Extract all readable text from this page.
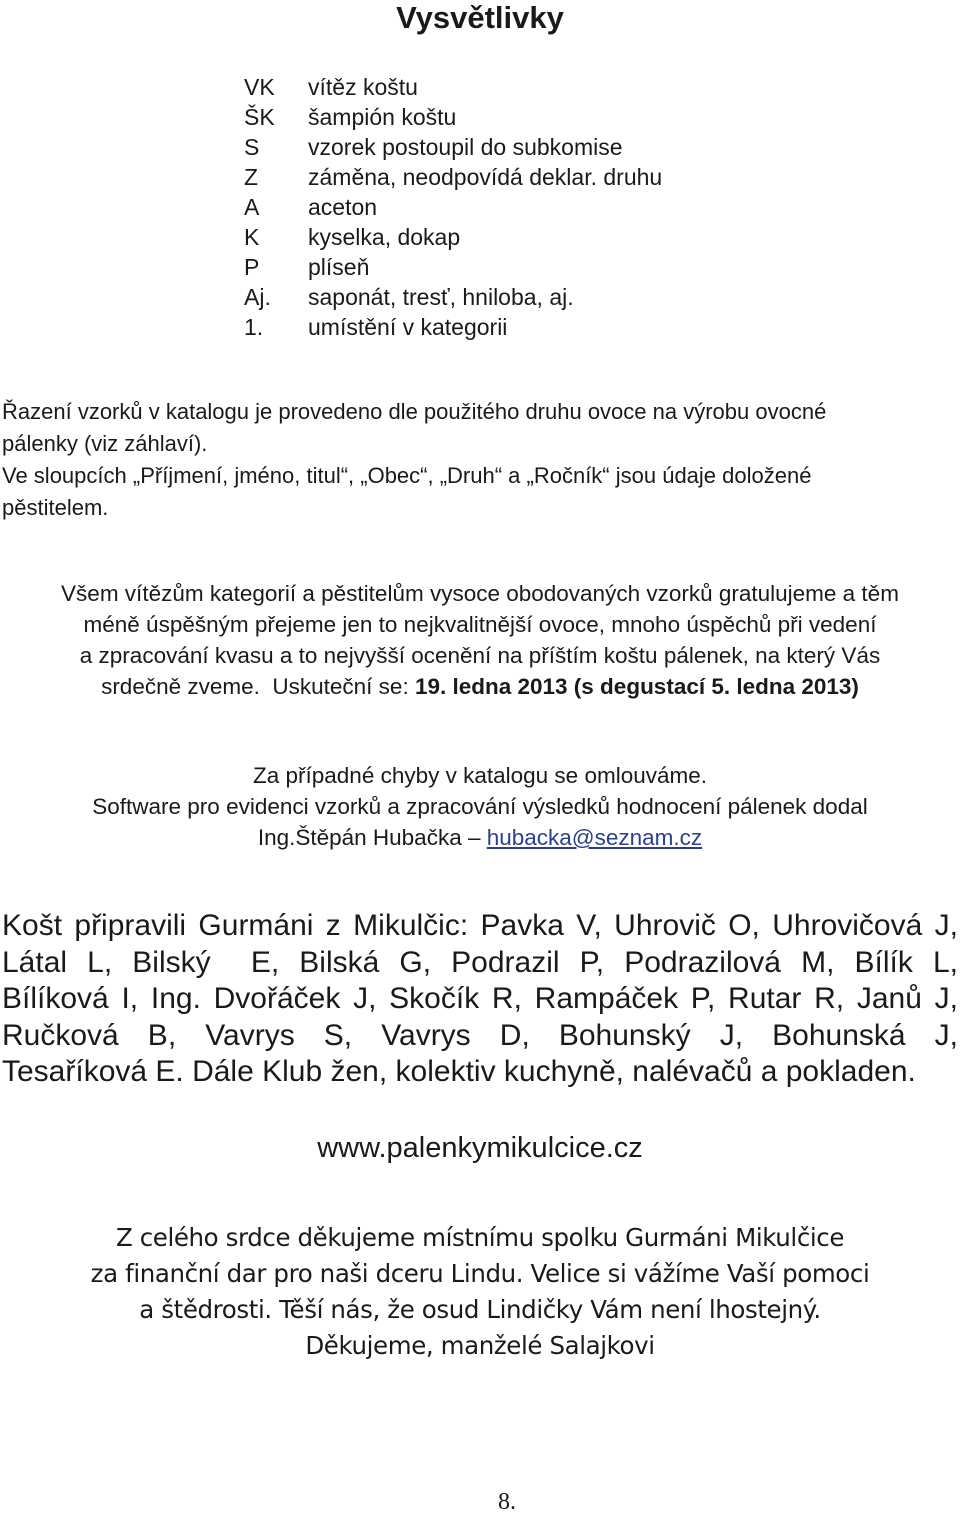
Vysvětlivky
VK	vítěz koštu
ŠK	šampión koštu
S	vzorek postoupil do subkomise
Z	záměna, neodpovídá deklar. druhu
A	aceton
K	kyselka, dokap
P	plíseň
Aj.	saponát, tresť, hniloba, aj.
1.	umístění v kategorii
Řazení vzorků v katalogu je provedeno dle použitého druhu ovoce na výrobu ovocné
pálenky (viz záhlaví).
Ve sloupcích „Příjmení, jméno, titul“, „Obec“, „Druh“ a „Ročník“ jsou údaje doložené
pěstitelem.
Všem vítězům kategorií a pěstitelům vysoce obodovaných vzorků gratulujeme a těm
méně úspěšným přejeme jen to nejkvalitnější ovoce, mnoho úspěchů při vedení
a zpracování kvasu a to nejvyšší ocenění na příštím koštu pálenek, na který Vás
srdečně zveme.  Uskuteční se: 19. ledna 2013 (s degustací 5. ledna 2013)
Za případné chyby v katalogu se omlouváme.
Software pro evidenci vzorků a zpracování výsledků hodnocení pálenek dodal
Ing.Štěpán Hubačka – hubacka@seznam.cz
Košt připravili Gurmáni z Mikulčic: Pavka V, Uhrovič O, Uhrovičová J,
Látal L, Bilský  E, Bilská G, Podrazil P, Podrazilová M, Bílík L,
Bílíková I, Ing. Dvořáček J, Skočík R, Rampáček P, Rutar R, Janů J,
Ručková B, Vavrys S, Vavrys D, Bohunský J, Bohunská J,
Tesaříková E. Dále Klub žen, kolektiv kuchyně, nalévačů a pokladen.
www.palenkymikulcice.cz
Z celého srdce děkujeme místnímu spolku Gurmáni Mikulčice
za finanční dar pro naši dceru Lindu. Velice si vážíme Vaší pomoci
a štědrosti. Těší nás, že osud Lindičky Vám není lhostejný.
Děkujeme, manželé Salajkovi
8.
